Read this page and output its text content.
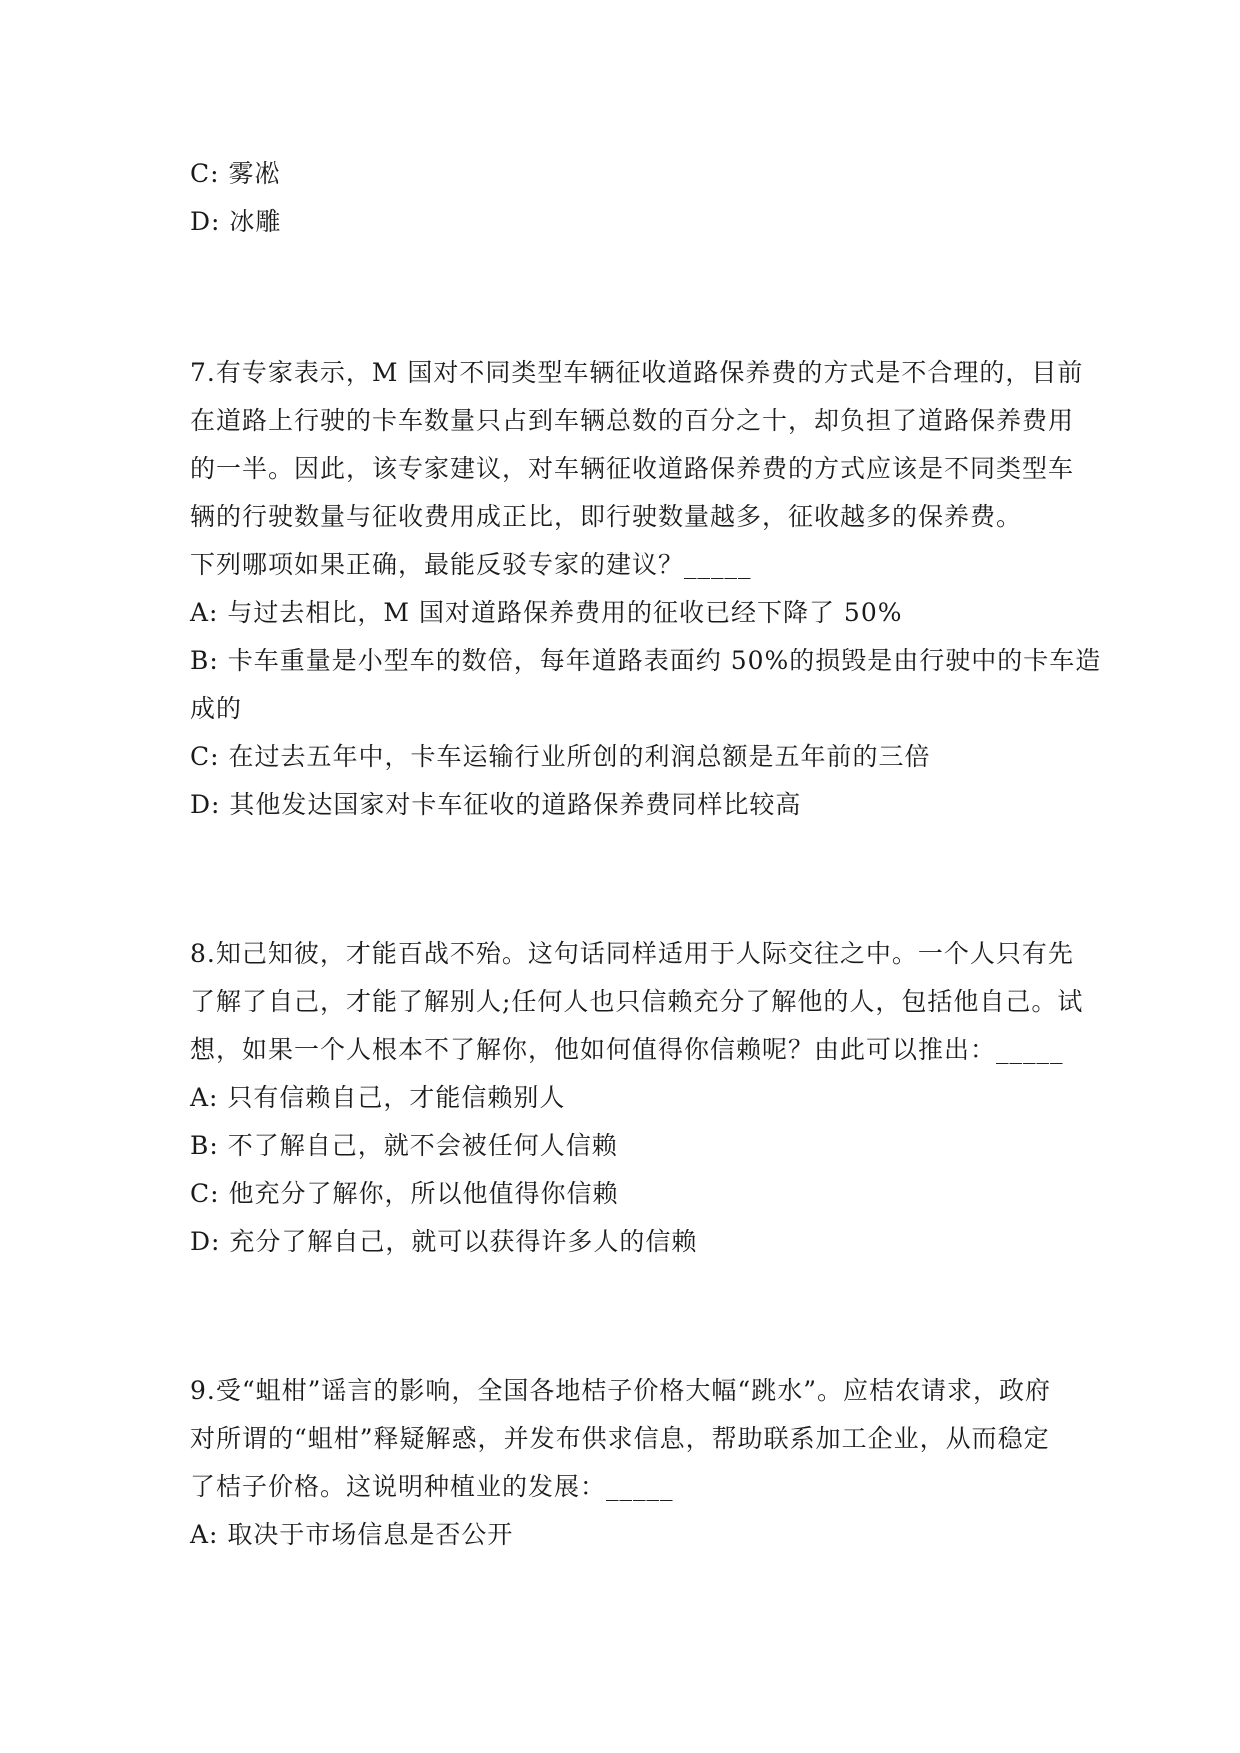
C: 雾凇
D: 冰雕
7.有专家表示，M 国对不同类型车辆征收道路保养费的方式是不合理的，目前
在道路上行驶的卡车数量只占到车辆总数的百分之十，却负担了道路保养费用
的一半。因此，该专家建议，对车辆征收道路保养费的方式应该是不同类型车
辆的行驶数量与征收费用成正比，即行驶数量越多，征收越多的保养费。
下列哪项如果正确，最能反驳专家的建议？_____
A: 与过去相比，M 国对道路保养费用的征收已经下降了 50%
B: 卡车重量是小型车的数倍，每年道路表面约 50%的损毁是由行驶中的卡车造
成的
C: 在过去五年中，卡车运输行业所创的利润总额是五年前的三倍
D: 其他发达国家对卡车征收的道路保养费同样比较高
8.知己知彼，才能百战不殆。这句话同样适用于人际交往之中。一个人只有先
了解了自己，才能了解别人;任何人也只信赖充分了解他的人，包括他自己。试
想，如果一个人根本不了解你，他如何值得你信赖呢？由此可以推出：_____
A: 只有信赖自己，才能信赖别人
B: 不了解自己，就不会被任何人信赖
C: 他充分了解你，所以他值得你信赖
D: 充分了解自己，就可以获得许多人的信赖
9.受“蛆柑”谣言的影响，全国各地桔子价格大幅“跳水”。应桔农请求，政府
对所谓的“蛆柑”释疑解惑，并发布供求信息，帮助联系加工企业，从而稳定
了桔子价格。这说明种植业的发展：_____
A: 取决于市场信息是否公开
